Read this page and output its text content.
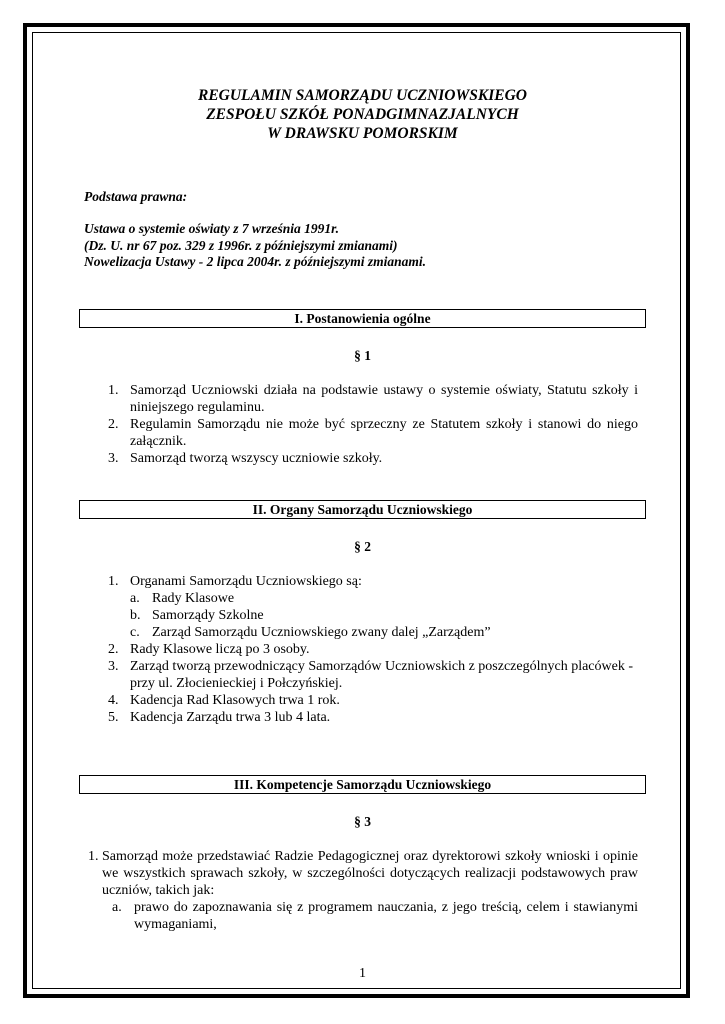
REGULAMIN SAMORZĄDU UCZNIOWSKIEGO
ZESPOŁU SZKÓŁ PONADGIMNAZJALNYCH
W DRAWSKU POMORSKIM
Podstawa prawna:
Ustawa o systemie oświaty z 7 września 1991r.
(Dz. U. nr 67 poz. 329 z 1996r. z późniejszymi zmianami)
Nowelizacja Ustawy - 2 lipca 2004r. z późniejszymi zmianami.
I. Postanowienia ogólne
§ 1
1. Samorząd Uczniowski działa na podstawie ustawy o systemie oświaty, Statutu szkoły i niniejszego regulaminu.
2. Regulamin Samorządu nie może być sprzeczny ze Statutem szkoły i stanowi do niego załącznik.
3. Samorząd tworzą wszyscy uczniowie szkoły.
II. Organy Samorządu Uczniowskiego
§ 2
1. Organami Samorządu Uczniowskiego są:
a. Rady Klasowe
b. Samorządy Szkolne
c. Zarząd Samorządu Uczniowskiego zwany dalej „Zarządem”
2. Rady Klasowe liczą po 3 osoby.
3. Zarząd tworzą przewodniczący Samorządów Uczniowskich z poszczególnych placówek - przy ul. Złocienieckiej i Połczyńskiej.
4. Kadencja Rad Klasowych trwa 1 rok.
5. Kadencja Zarządu trwa 3 lub 4 lata.
III. Kompetencje Samorządu Uczniowskiego
§ 3
1. Samorząd może przedstawiać Radzie Pedagogicznej oraz dyrektorowi szkoły wnioski i opinie we wszystkich sprawach szkoły, w szczególności dotyczących realizacji podstawowych praw uczniów, takich jak:
a. prawo do zapoznawania się z programem nauczania, z jego treścią, celem i stawianymi wymaganiami,
1
